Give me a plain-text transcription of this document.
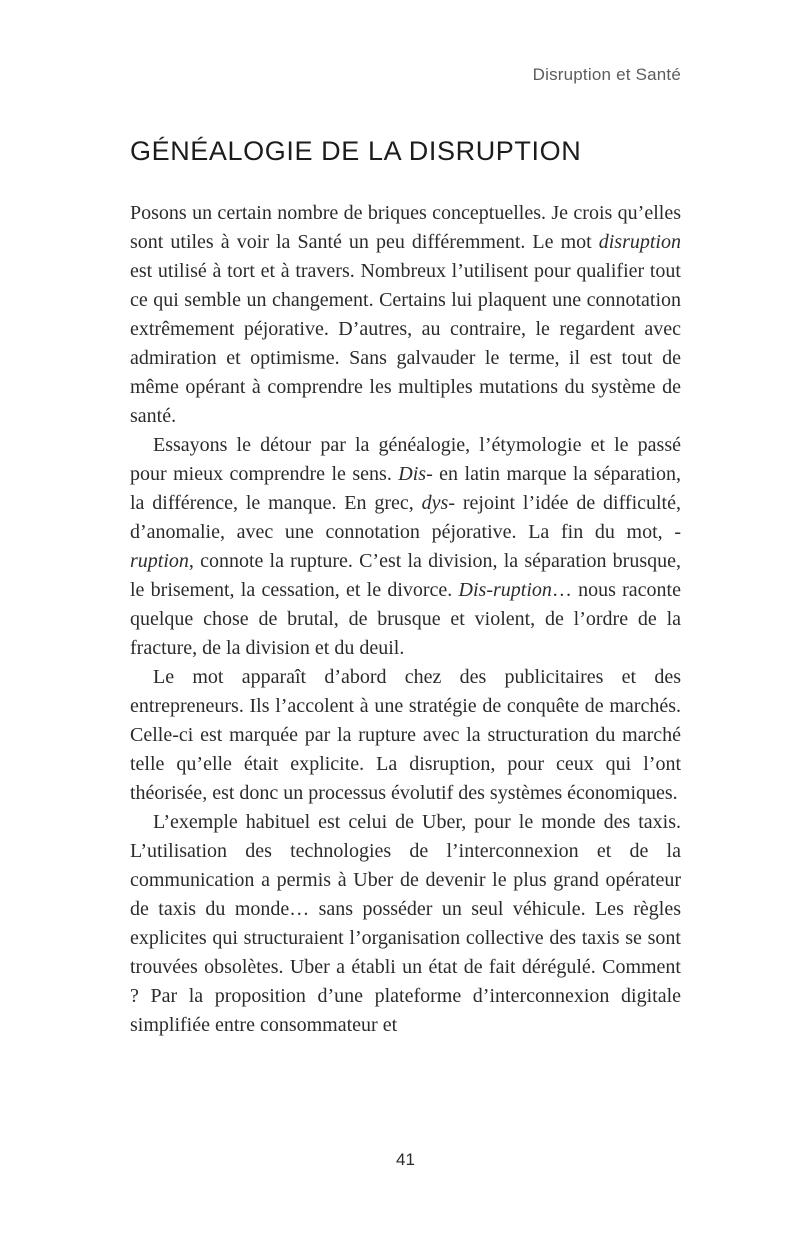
Disruption et Santé
GÉNÉALOGIE DE LA DISRUPTION

Posons un certain nombre de briques conceptuelles. Je crois qu’elles sont utiles à voir la Santé un peu différemment. Le mot disruption est utilisé à tort et à travers. Nombreux l’utilisent pour qualifier tout ce qui semble un changement. Certains lui plaquent une connotation extrêmement péjorative. D’autres, au contraire, le regardent avec admiration et optimisme. Sans galvauder le terme, il est tout de même opérant à comprendre les multiples mutations du système de santé.

Essayons le détour par la généalogie, l’étymologie et le passé pour mieux comprendre le sens. Dis- en latin marque la séparation, la différence, le manque. En grec, dys- rejoint l’idée de difficulté, d’anomalie, avec une connotation péjorative. La fin du mot, -ruption, connote la rupture. C’est la division, la séparation brusque, le brisement, la cessation, et le divorce. Dis-ruption… nous raconte quelque chose de brutal, de brusque et violent, de l’ordre de la fracture, de la division et du deuil.

Le mot apparaît d’abord chez des publicitaires et des entrepreneurs. Ils l’accolent à une stratégie de conquête de marchés. Celle-ci est marquée par la rupture avec la structuration du marché telle qu’elle était explicite. La disruption, pour ceux qui l’ont théorisée, est donc un processus évolutif des systèmes économiques.

L’exemple habituel est celui de Uber, pour le monde des taxis. L’utilisation des technologies de l’interconnexion et de la communication a permis à Uber de devenir le plus grand opérateur de taxis du monde… sans posséder un seul véhicule. Les règles explicites qui structuraient l’organisation collective des taxis se sont trouvées obsolètes. Uber a établi un état de fait dérégulé. Comment ? Par la proposition d’une plateforme d’interconnexion digitale simplifiée entre consommateur et

41
